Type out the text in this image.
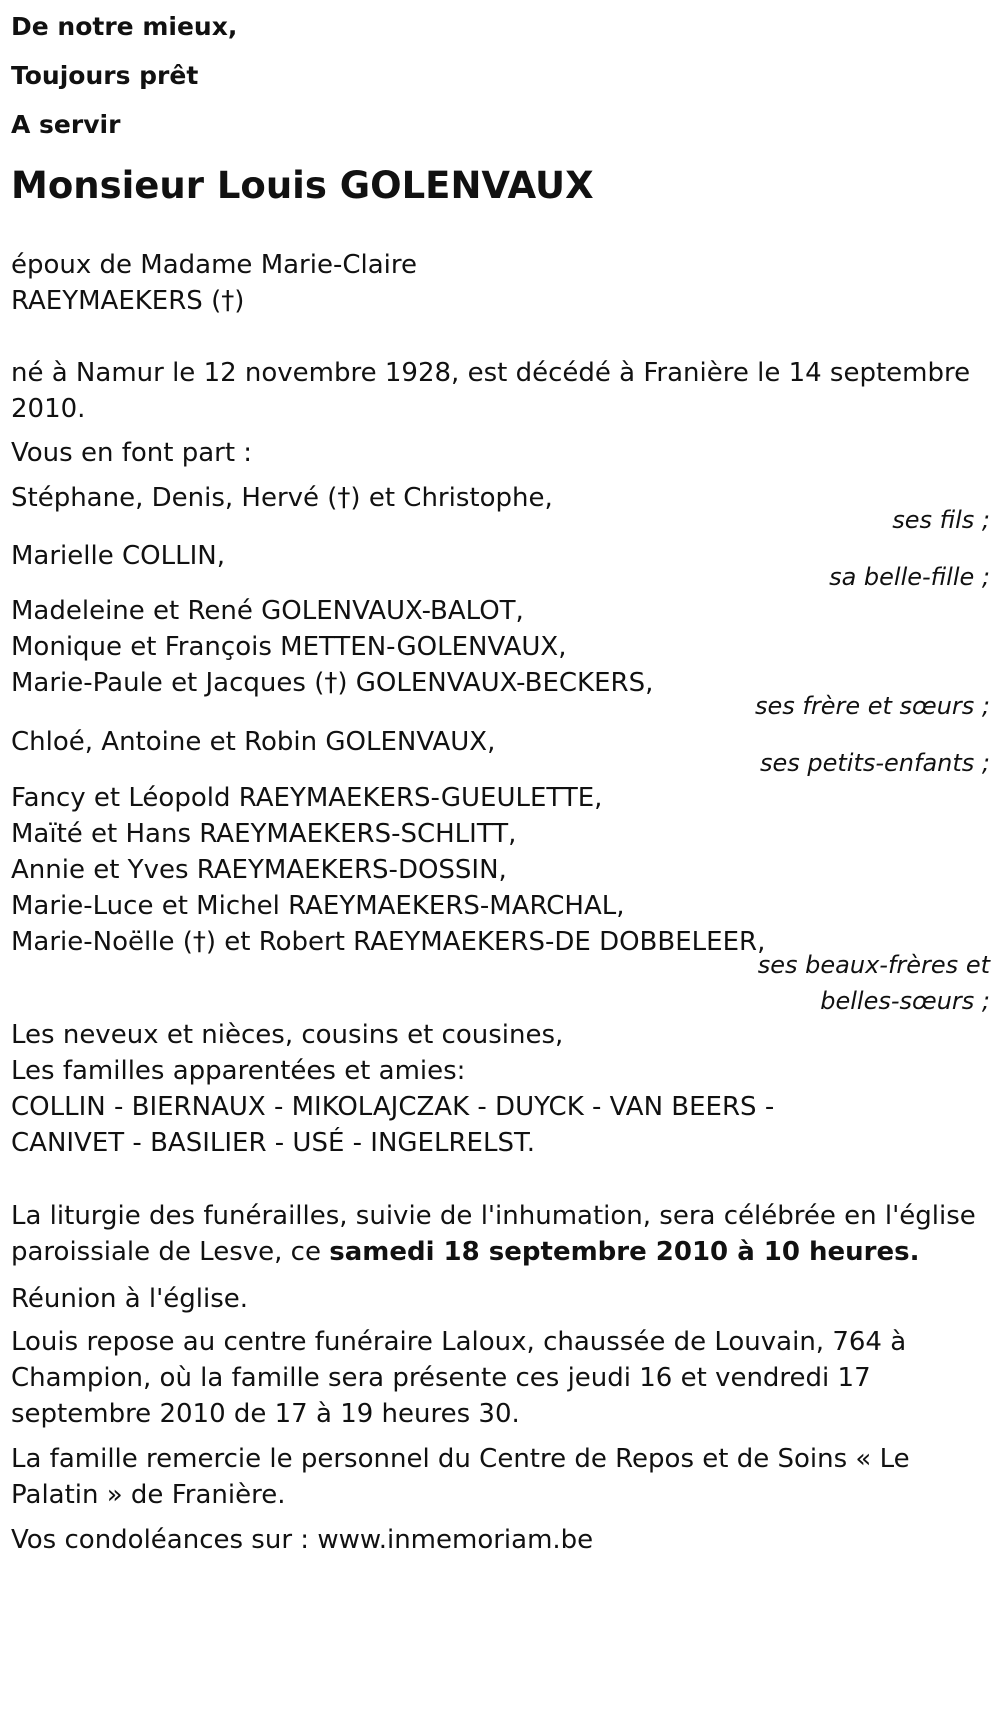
De notre mieux,
Toujours prêt
A servir
Monsieur Louis GOLENVAUX
époux de Madame Marie-Claire
RAEYMAEKERS (†)
né à Namur le 12 novembre 1928, est décédé à Franière le 14 septembre
2010.
Vous en font part :
Stéphane, Denis, Hervé (†) et Christophe,
ses fils ;
Marielle COLLIN,
sa belle-fille ;
Madeleine et René GOLENVAUX-BALOT,
Monique et François METTEN-GOLENVAUX,
Marie-Paule et Jacques (†) GOLENVAUX-BECKERS,
ses frère et sœurs ;
Chloé, Antoine et Robin GOLENVAUX,
ses petits-enfants ;
Fancy et Léopold RAEYMAEKERS-GUEULETTE,
Maïté et Hans RAEYMAEKERS-SCHLITT,
Annie et Yves RAEYMAEKERS-DOSSIN,
Marie-Luce et Michel RAEYMAEKERS-MARCHAL,
Marie-Noëlle (†) et Robert RAEYMAEKERS-DE DOBBELEER,
ses beaux-frères et
belles-sœurs ;
Les neveux et nièces, cousins et cousines,
Les familles apparentées et amies:
COLLIN - BIERNAUX - MIKOLAJCZAK - DUYCK - VAN BEERS -
CANIVET - BASILIER - USÉ - INGELRELST.
La liturgie des funérailles, suivie de l'inhumation, sera célébrée en l'église
paroissiale de Lesve, ce samedi 18 septembre 2010 à 10 heures.
Réunion à l'église.
Louis repose au centre funéraire Laloux, chaussée de Louvain, 764 à
Champion, où la famille sera présente ces jeudi 16 et vendredi 17
septembre 2010 de 17 à 19 heures 30.
La famille remercie le personnel du Centre de Repos et de Soins « Le
Palatin » de Franière.
Vos condoléances sur : www.inmemoriam.be
